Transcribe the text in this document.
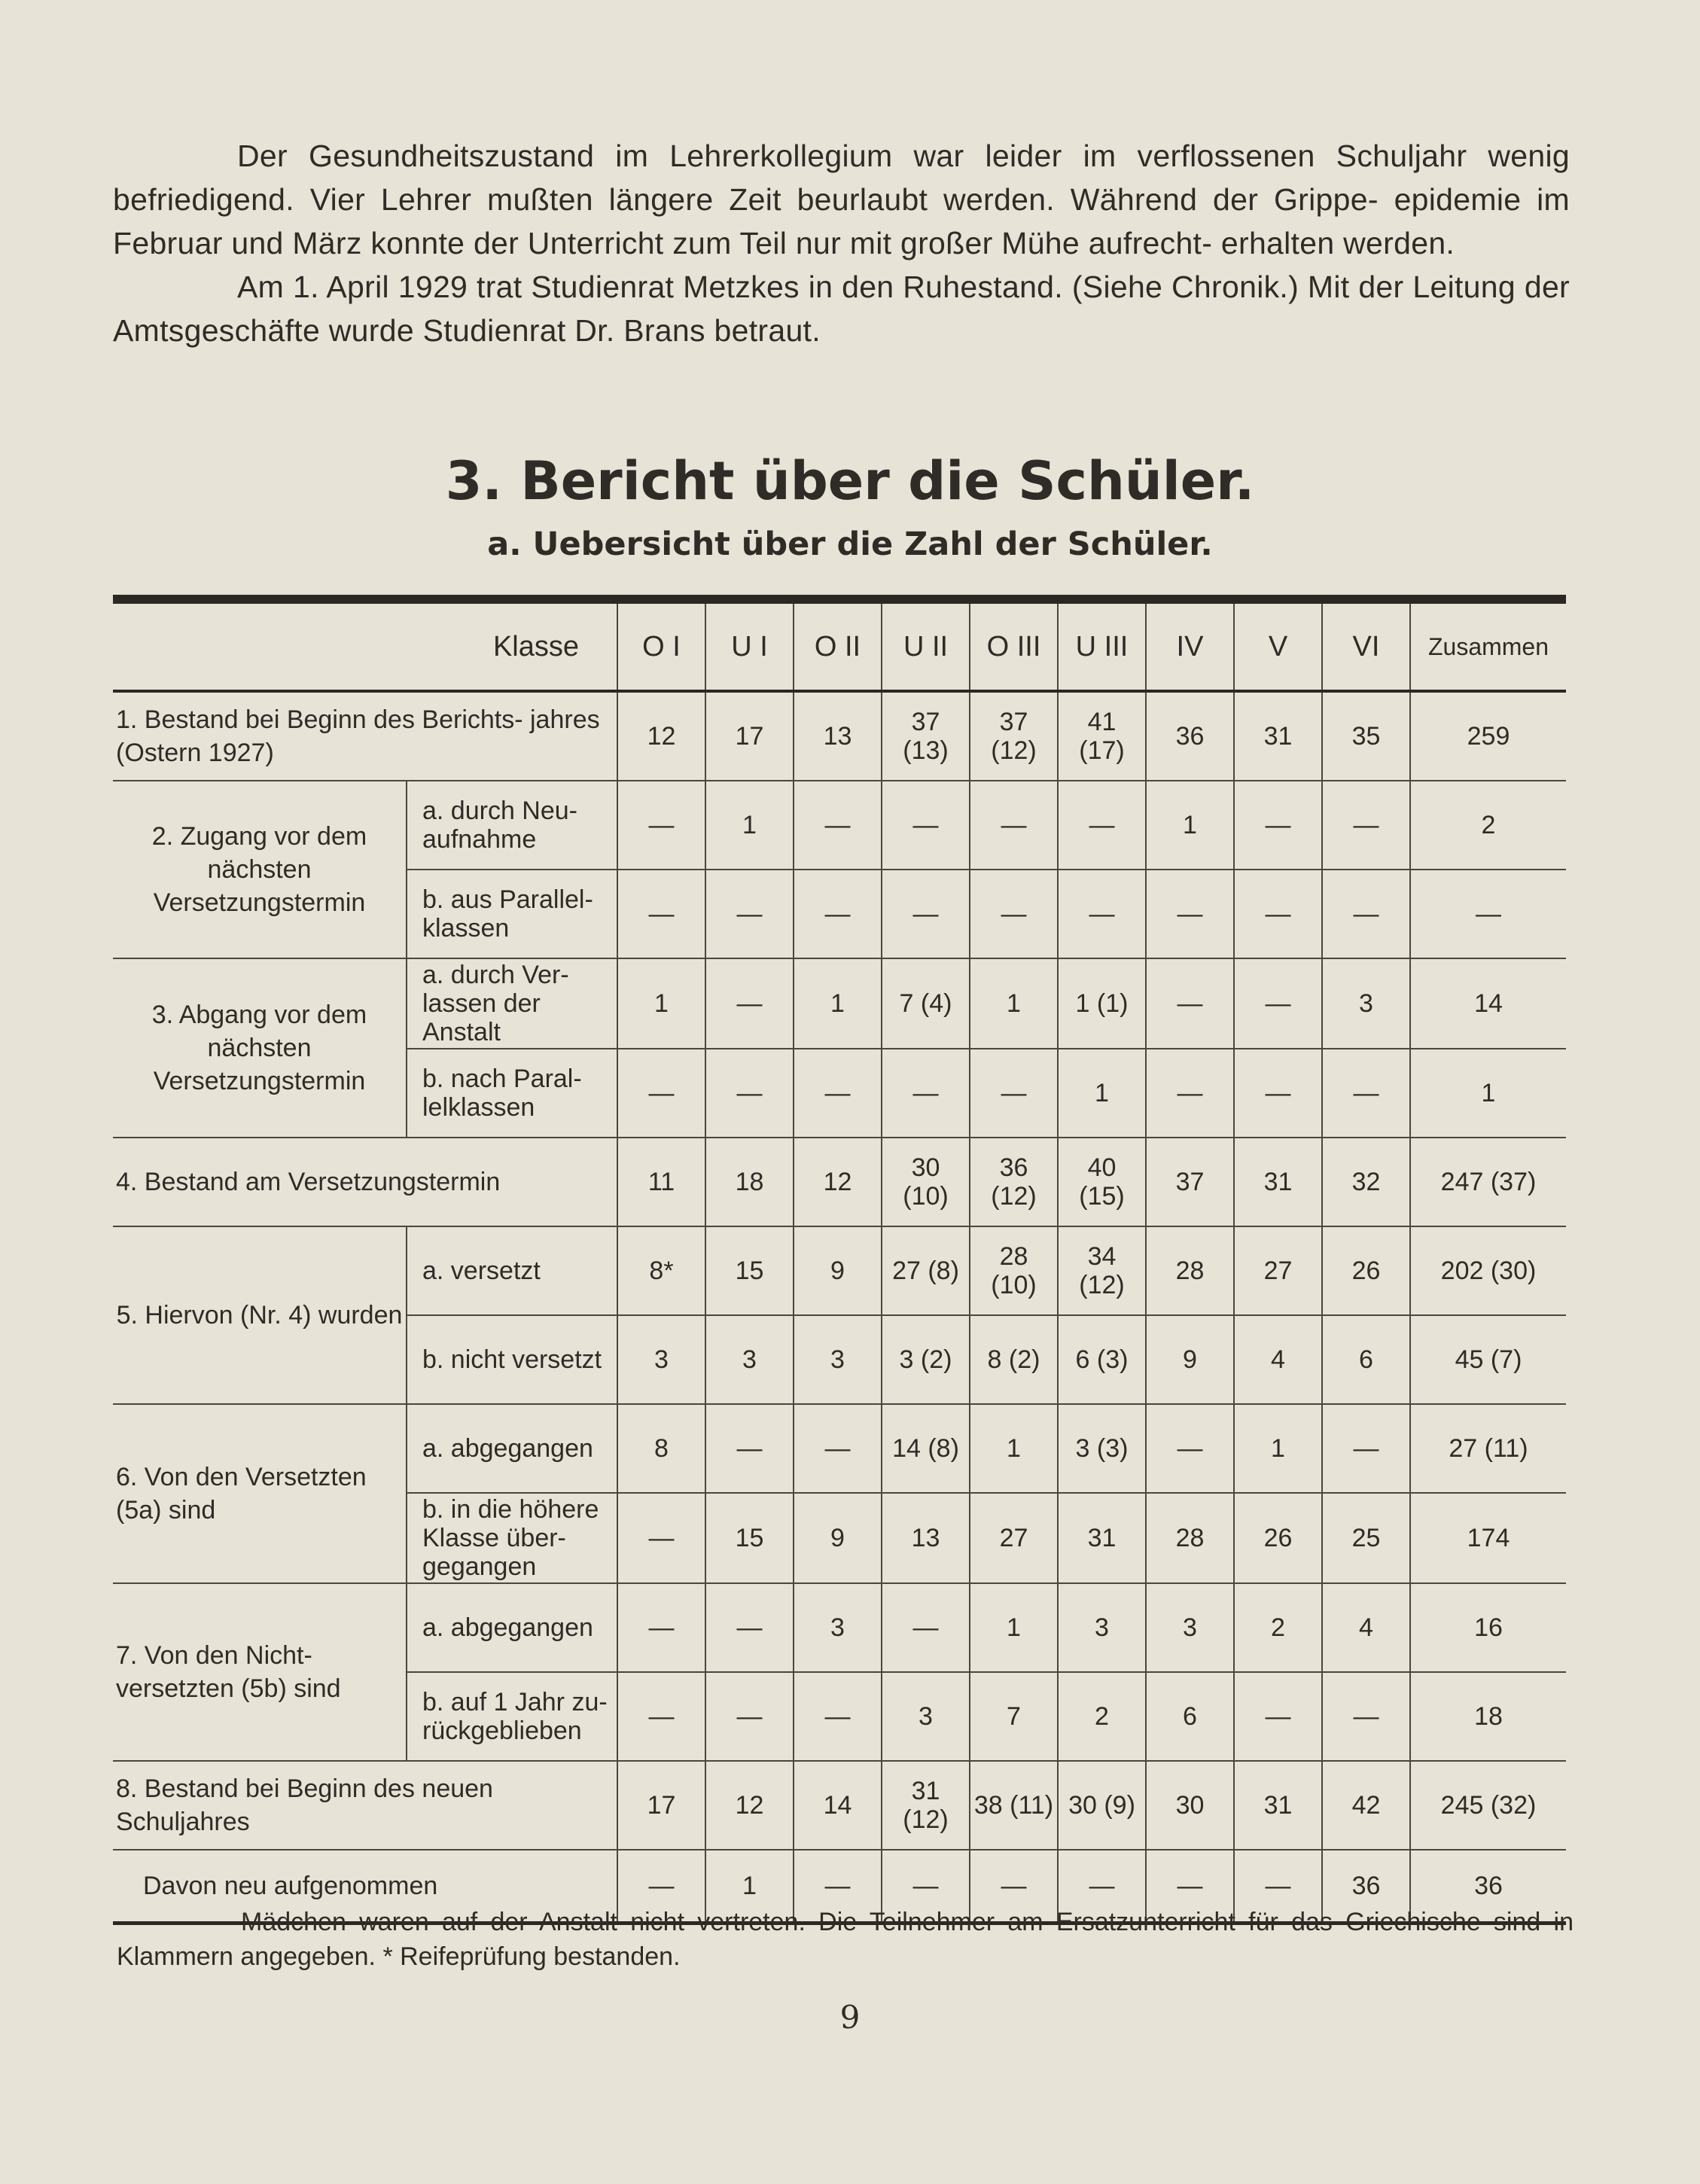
Der Gesundheitszustand im Lehrerkollegium war leider im verflossenen Schuljahr wenig befriedigend. Vier Lehrer mußten längere Zeit beurlaubt werden. Während der Grippe- epidemie im Februar und März konnte der Unterricht zum Teil nur mit großer Mühe aufrecht- erhalten werden.

Am 1. April 1929 trat Studienrat Metzkes in den Ruhestand. (Siehe Chronik.) Mit der Leitung der Amtsgeschäfte wurde Studienrat Dr. Brans betraut.

3. Bericht über die Schüler.
a. Uebersicht über die Zahl der Schüler.
Klasse		O I	U I	O II	U II	O III	U III	IV	V	VI	Zusammen
1. Bestand bei Beginn des Berichts- jahres (Ostern 1927)		12	17	13	37 (13)	37 (12)	41 (17)	36	31	35	259
2. Zugang vor dem nächsten Versetzungstermin	a. durch Neu- aufnahme	—	1	—	—	—	—	1	—	—	2
	b. aus Parallel- klassen	—	—	—	—	—	—	—	—	—	—
3. Abgang vor dem nächsten Versetzungstermin	a. durch Ver- lassen der Anstalt	1	—	1	7 (4)	1	1 (1)	—	—	3	14
	b. nach Paral- lelklassen	—	—	—	—	—	1	—	—	—	1
4. Bestand am Versetzungstermin		11	18	12	30 (10)	36 (12)	40 (15)	37	31	32	247 (37)
5. Hiervon (Nr. 4) wurden	a. versetzt	8*	15	9	27 (8)	28 (10)	34 (12)	28	27	26	202 (30)
	b. nicht versetzt	3	3	3	3 (2)	8 (2)	6 (3)	9	4	6	45 (7)
6. Von den Versetzten (5a) sind	a. abgegangen	8	—	—	14 (8)	1	3 (3)	—	1	—	27 (11)
	b. in die höhere Klasse über- gegangen	—	15	9	13	27	31	28	26	25	174
7. Von den Nicht- versetzten (5b) sind	a. abgegangen	—	—	3	—	1	3	3	2	4	16
	b. auf 1 Jahr zu- rückgeblieben	—	—	—	3	7	2	6	—	—	18
8. Bestand bei Beginn des neuen Schuljahres		17	12	14	31 (12)	38 (11)	30 (9)	30	31	42	245 (32)
Davon neu aufgenommen		—	1	—	—	—	—	—	—	36	36

Mädchen waren auf der Anstalt nicht vertreten. Die Teilnehmer am Ersatzunterricht für das Griechische sind in Klammern angegeben. * Reifeprüfung bestanden.

9
